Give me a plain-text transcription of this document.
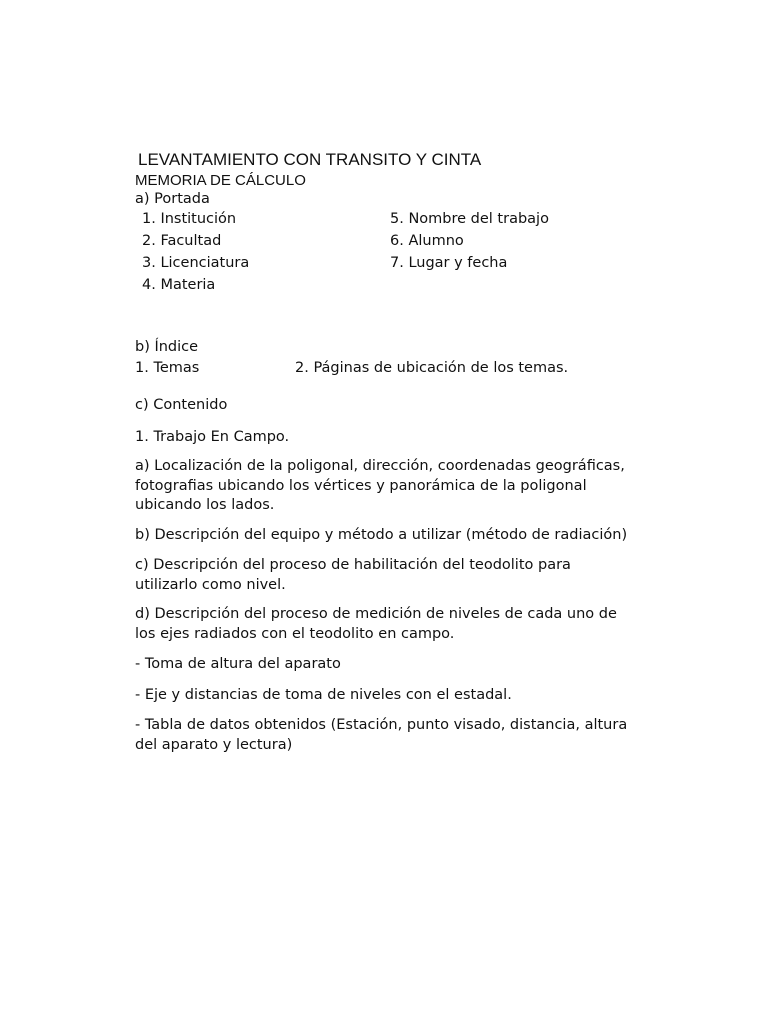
LEVANTAMIENTO CON TRANSITO Y CINTA
MEMORIA DE CÁLCULO
a) Portada
1. Institución
2. Facultad
3. Licenciatura
4. Materia
5. Nombre del trabajo
6. Alumno
7. Lugar y fecha
b) Índice
1. Temas	2. Páginas de ubicación de los temas.
c) Contenido
1. Trabajo En Campo.
a) Localización de la poligonal, dirección, coordenadas geográficas, fotografias ubicando los vértices y panorámica de la poligonal ubicando los lados.
b) Descripción del equipo y método a utilizar (método de radiación)
c) Descripción del proceso de habilitación del teodolito para utilizarlo como nivel.
d) Descripción del proceso de medición de niveles de cada uno de los ejes radiados con el teodolito en campo.
- Toma de altura del aparato
- Eje y distancias de toma de niveles con el estadal.
- Tabla de datos obtenidos (Estación, punto visado, distancia, altura del aparato y lectura)
